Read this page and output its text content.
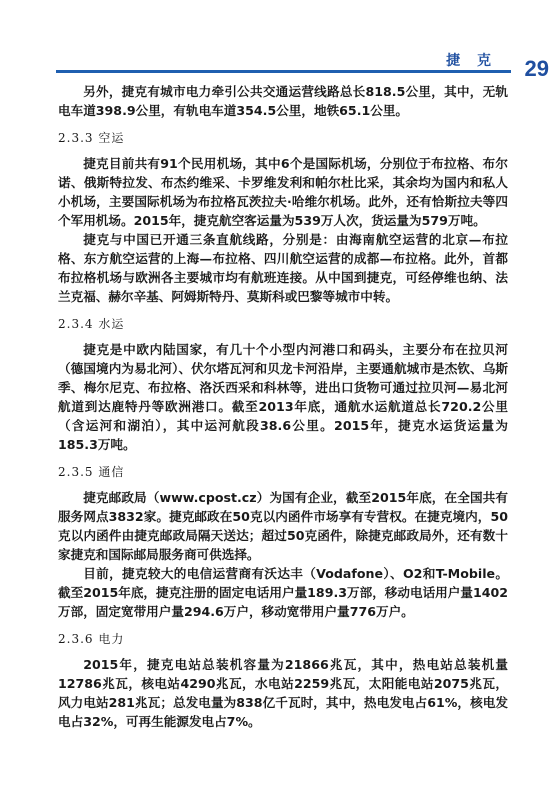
捷 克 29

另外，捷克有城市电力牵引公共交通运营线路总长818.5公里，其中，无轨电车道398.9公里，有轨电车道354.5公里，地铁65.1公里。

2.3.3 空运

捷克目前共有91个民用机场，其中6个是国际机场，分别位于布拉格、布尔诺、俄斯特拉发、布杰约维采、卡罗维发利和帕尔杜比采，其余均为国内和私人小机场，主要国际机场为布拉格瓦茨拉夫·哈维尔机场。此外，还有恰斯拉夫等四个军用机场。2015年，捷克航空客运量为539万人次，货运量为579万吨。

捷克与中国已开通三条直航线路，分别是：由海南航空运营的北京—布拉格、东方航空运营的上海—布拉格、四川航空运营的成都—布拉格。此外，首都布拉格机场与欧洲各主要城市均有航班连接。从中国到捷克，可经停维也纳、法兰克福、赫尔辛基、阿姆斯特丹、莫斯科或巴黎等城市中转。

2.3.4 水运

捷克是中欧内陆国家，有几十个小型内河港口和码头，主要分布在拉贝河（德国境内为易北河）、伏尔塔瓦河和贝龙卡河沿岸，主要通航城市是杰钦、乌斯季、梅尔尼克、布拉格、洛沃西采和科林等，进出口货物可通过拉贝河—易北河航道到达鹿特丹等欧洲港口。截至2013年底，通航水运航道总长720.2公里（含运河和湖泊），其中运河航段38.6公里。2015年，捷克水运货运量为185.3万吨。

2.3.5 通信

捷克邮政局（www.cpost.cz）为国有企业，截至2015年底，在全国共有服务网点3832家。捷克邮政在50克以内函件市场享有专营权。在捷克境内，50克以内函件由捷克邮政局隔天送达；超过50克函件，除捷克邮政局外，还有数十家捷克和国际邮局服务商可供选择。

目前，捷克较大的电信运营商有沃达丰（Vodafone）、O2和T-Mobile。截至2015年底，捷克注册的固定电话用户量189.3万部，移动电话用户量1402万部，固定宽带用户量294.6万户，移动宽带用户量776万户。

2.3.6 电力

2015年，捷克电站总装机容量为21866兆瓦，其中，热电站总装机量12786兆瓦，核电站4290兆瓦，水电站2259兆瓦，太阳能电站2075兆瓦，风力电站281兆瓦；总发电量为838亿千瓦时，其中，热电发电占61%，核电发电占32%，可再生能源发电占7%。
